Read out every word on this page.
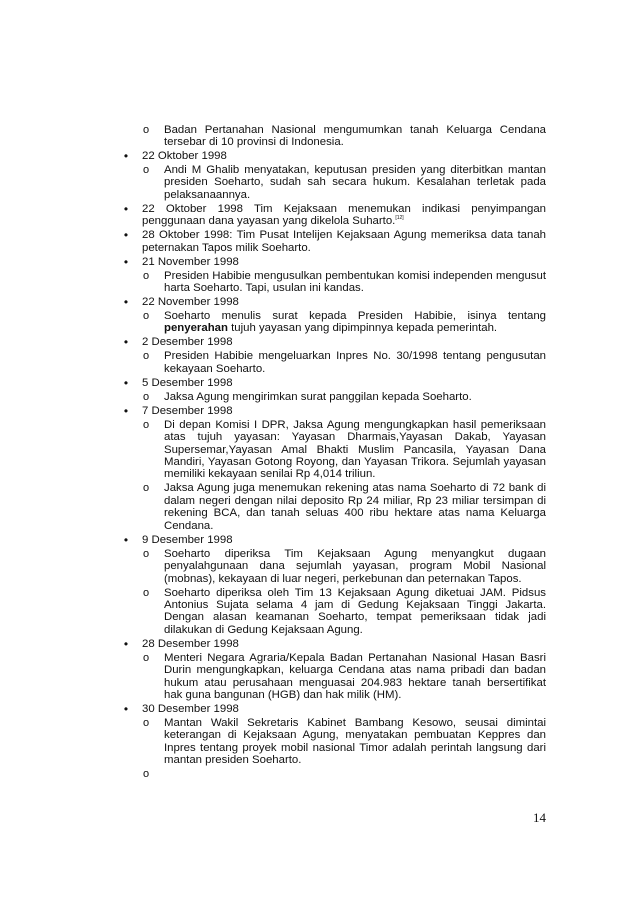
o Badan Pertanahan Nasional mengumumkan tanah Keluarga Cendana tersebar di 10 provinsi di Indonesia.
•	22 Oktober 1998
o Andi M Ghalib menyatakan, keputusan presiden yang diterbitkan mantan presiden Soeharto, sudah sah secara hukum. Kesalahan terletak pada pelaksanaannya.
•	22 Oktober 1998 Tim Kejaksaan menemukan indikasi penyimpangan penggunaan dana yayasan yang dikelola Suharto.[12]
•	28 Oktober 1998: Tim Pusat Intelijen Kejaksaan Agung memeriksa data tanah peternakan Tapos milik Soeharto.
•	21 November 1998
o Presiden Habibie mengusulkan pembentukan komisi independen mengusut harta Soeharto. Tapi, usulan ini kandas.
•	22 November 1998
o Soeharto menulis surat kepada Presiden Habibie, isinya tentang penyerahan tujuh yayasan yang dipimpinnya kepada pemerintah.
•	2 Desember 1998
o Presiden Habibie mengeluarkan Inpres No. 30/1998 tentang pengusutan kekayaan Soeharto.
•	5 Desember 1998
o Jaksa Agung mengirimkan surat panggilan kepada Soeharto.
•	7 Desember 1998
o Di depan Komisi I DPR, Jaksa Agung mengungkapkan hasil pemeriksaan atas tujuh yayasan: Yayasan Dharmais,Yayasan Dakab, Yayasan Supersemar,Yayasan Amal Bhakti Muslim Pancasila, Yayasan Dana Mandiri, Yayasan Gotong Royong, dan Yayasan Trikora. Sejumlah yayasan memiliki kekayaan senilai Rp 4,014 triliun.
o Jaksa Agung juga menemukan rekening atas nama Soeharto di 72 bank di dalam negeri dengan nilai deposito Rp 24 miliar, Rp 23 miliar tersimpan di rekening BCA, dan tanah seluas 400 ribu hektare atas nama Keluarga Cendana.
•	9 Desember 1998
o Soeharto diperiksa Tim Kejaksaan Agung menyangkut dugaan penyalahgunaan dana sejumlah yayasan, program Mobil Nasional (mobnas), kekayaan di luar negeri, perkebunan dan peternakan Tapos.
o Soeharto diperiksa oleh Tim 13 Kejaksaan Agung diketuai JAM. Pidsus Antonius Sujata selama 4 jam di Gedung Kejaksaan Tinggi Jakarta. Dengan alasan keamanan Soeharto, tempat pemeriksaan tidak jadi dilakukan di Gedung Kejaksaan Agung.
•	28 Desember 1998
o Menteri Negara Agraria/Kepala Badan Pertanahan Nasional Hasan Basri Durin mengungkapkan, keluarga Cendana atas nama pribadi dan badan hukum atau perusahaan menguasai 204.983 hektare tanah bersertifikat hak guna bangunan (HGB) dan hak milik (HM).
•	30 Desember 1998
o Mantan Wakil Sekretaris Kabinet Bambang Kesowo, seusai dimintai keterangan di Kejaksaan Agung, menyatakan pembuatan Keppres dan Inpres tentang proyek mobil nasional Timor adalah perintah langsung dari mantan presiden Soeharto.
o

14
